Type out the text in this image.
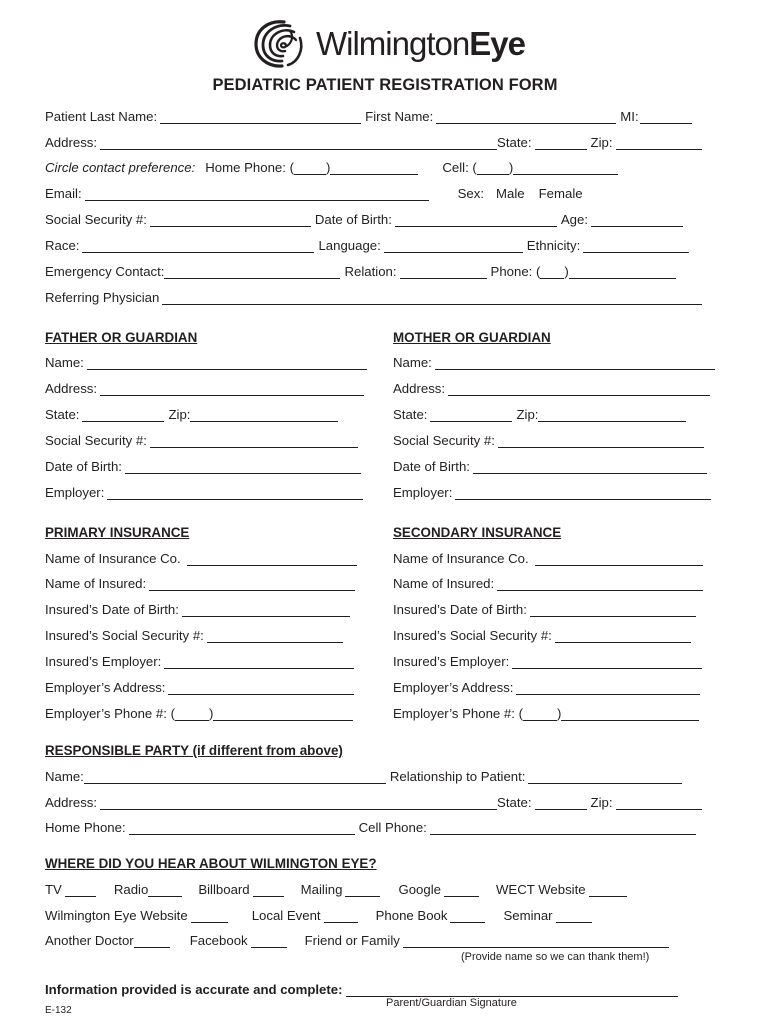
WilmingtonEye
PEDIATRIC PATIENT REGISTRATION FORM
Patient Last Name:	First Name:	MI:
Address:	State:	Zip:
Circle contact preference: Home Phone: ( )	Cell: ( )
Email:	Sex: Male Female
Social Security #:	Date of Birth:	Age:
Race:	Language:	Ethnicity:
Emergency Contact:	Relation:	Phone: ( )
Referring Physician
FATHER OR GUARDIAN	MOTHER OR GUARDIAN
Name:	Name:
Address:	Address:
State:	Zip:	State:	Zip:
Social Security #:	Social Security #:
Date of Birth:	Date of Birth:
Employer:	Employer:
PRIMARY INSURANCE	SECONDARY INSURANCE
Name of Insurance Co.	Name of Insurance Co.
Name of Insured:	Name of Insured:
Insured’s Date of Birth:	Insured’s Date of Birth:
Insured’s Social Security #:	Insured’s Social Security #:
Insured’s Employer:	Insured’s Employer:
Employer’s Address:	Employer’s Address:
Employer’s Phone #: (	)	Employer’s Phone #: (	)
RESPONSIBLE PARTY (if different from above)
Name:	Relationship to Patient:
Address:	State:	Zip:
Home Phone:	Cell Phone:
WHERE DID YOU HEAR ABOUT WILMINGTON EYE?
TV	Radio	Billboard	Mailing	Google	WECT Website
Wilmington Eye Website	Local Event	Phone Book	Seminar
Another Doctor	Facebook	Friend or Family
(Provide name so we can thank them!)
Information provided is accurate and complete:
Parent/Guardian Signature
E-132
